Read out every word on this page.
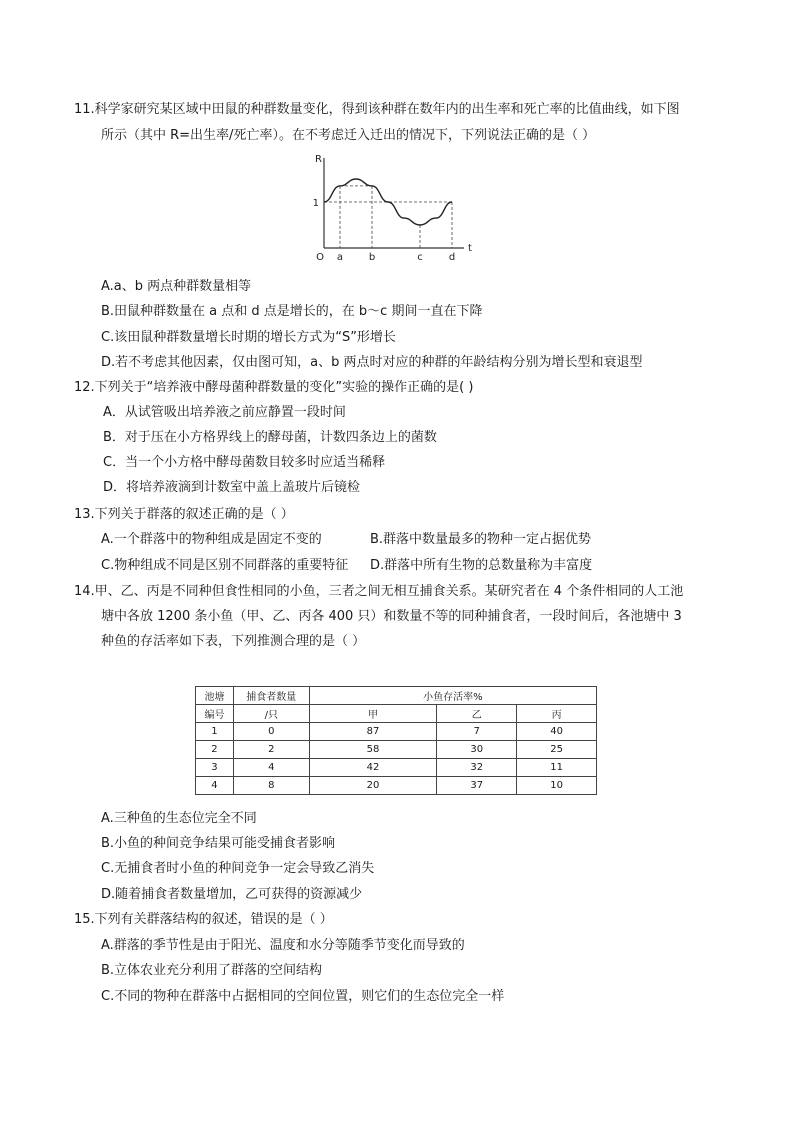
11.科学家研究某区域中田鼠的种群数量变化，得到该种群在数年内的出生率和死亡率的比值曲线，如下图
所示（其中 R=出生率/死亡率）。在不考虑迁入迁出的情况下，下列说法正确的是（ ）
a	b	c	d
R
t
O
1
A.a、b 两点种群数量相等
B.田鼠种群数量在 a 点和 d 点是增长的，在 b～c 期间一直在下降
C.该田鼠种群数量增长时期的增长方式为“S”形增长
D.若不考虑其他因素，仅由图可知，a、b 两点时对应的种群的年龄结构分别为增长型和衰退型
12.下列关于“培养液中酵母菌种群数量的变化”实验的操作正确的是( )
A．从试管吸出培养液之前应静置一段时间
B．对于压在小方格界线上的酵母菌，计数四条边上的菌数
C．当一个小方格中酵母菌数目较多时应适当稀释
D．将培养液滴到计数室中盖上盖玻片后镜检
13.下列关于群落的叙述正确的是（ ）
A.一个群落中的物种组成是固定不变的	B.群落中数量最多的物种一定占据优势
C.物种组成不同是区别不同群落的重要特征 D.群落中所有生物的总数量称为丰富度
14.甲、乙、丙是不同种但食性相同的小鱼，三者之间无相互捕食关系。某研究者在 4 个条件相同的人工池
塘中各放 1200 条小鱼（甲、乙、丙各 400 只）和数量不等的同种捕食者，一段时间后，各池塘中 3
种鱼的存活率如下表，下列推测合理的是（ ）
池塘	捕食者数量	小鱼存活率%		
编号	/只	甲	乙	丙
1	0	87	7	40
2	2	58	30	25
3	4	42	32	11
4	8	20	37	10
A.三种鱼的生态位完全不同
B.小鱼的种间竞争结果可能受捕食者影响
C.无捕食者时小鱼的种间竞争一定会导致乙消失
D.随着捕食者数量增加，乙可获得的资源减少
15.下列有关群落结构的叙述，错误的是（ ）
A.群落的季节性是由于阳光、温度和水分等随季节变化而导致的
B.立体农业充分利用了群落的空间结构
C.不同的物种在群落中占据相同的空间位置，则它们的生态位完全一样
